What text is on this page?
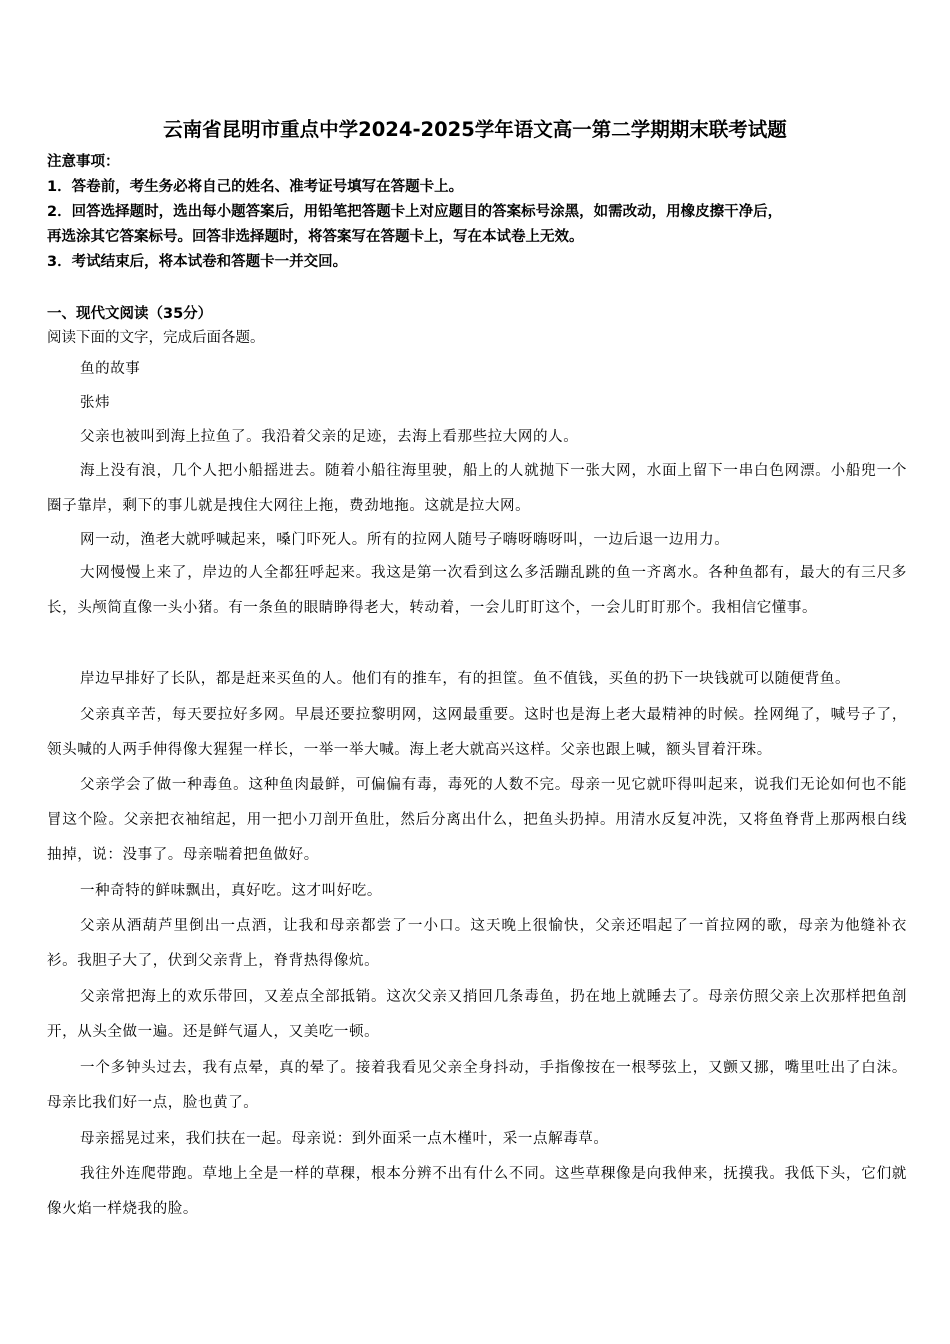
云南省昆明市重点中学2024-2025学年语文高一第二学期期末联考试题
注意事项：
1．答卷前，考生务必将自己的姓名、准考证号填写在答题卡上。
2．回答选择题时，选出每小题答案后，用铅笔把答题卡上对应题目的答案标号涂黑，如需改动，用橡皮擦干净后，
再选涂其它答案标号。回答非选择题时，将答案写在答题卡上，写在本试卷上无效。
3．考试结束后，将本试卷和答题卡一并交回。
一、现代文阅读（35分）
阅读下面的文字，完成后面各题。
鱼的故事
张炜
父亲也被叫到海上拉鱼了。我沿着父亲的足迹，去海上看那些拉大网的人。
海上没有浪，几个人把小船摇进去。随着小船往海里驶，船上的人就抛下一张大网，水面上留下一串白色网漂。小船兜一个圈子靠岸，剩下的事儿就是拽住大网往上拖，费劲地拖。这就是拉大网。
网一动，渔老大就呼喊起来，嗓门吓死人。所有的拉网人随号子嗨呀嗨呀叫，一边后退一边用力。
大网慢慢上来了，岸边的人全都狂呼起来。我这是第一次看到这么多活蹦乱跳的鱼一齐离水。各种鱼都有，最大的有三尺多长，头颅简直像一头小猪。有一条鱼的眼睛睁得老大，转动着，一会儿盯盯这个，一会儿盯盯那个。我相信它懂事。
岸边早排好了长队，都是赶来买鱼的人。他们有的推车，有的担筐。鱼不值钱，买鱼的扔下一块钱就可以随便背鱼。
父亲真辛苦，每天要拉好多网。早晨还要拉黎明网，这网最重要。这时也是海上老大最精神的时候。拴网绳了，喊号子了，领头喊的人两手伸得像大猩猩一样长，一举一举大喊。海上老大就高兴这样。父亲也跟上喊，额头冒着汗珠。
父亲学会了做一种毒鱼。这种鱼肉最鲜，可偏偏有毒，毒死的人数不完。母亲一见它就吓得叫起来，说我们无论如何也不能冒这个险。父亲把衣袖绾起，用一把小刀剖开鱼肚，然后分离出什么，把鱼头扔掉。用清水反复冲洗，又将鱼脊背上那两根白线抽掉，说：没事了。母亲喘着把鱼做好。
一种奇特的鲜味飘出，真好吃。这才叫好吃。
父亲从酒葫芦里倒出一点酒，让我和母亲都尝了一小口。这天晚上很愉快，父亲还唱起了一首拉网的歌，母亲为他缝补衣衫。我胆子大了，伏到父亲背上，脊背热得像炕。
父亲常把海上的欢乐带回，又差点全部抵销。这次父亲又捎回几条毒鱼，扔在地上就睡去了。母亲仿照父亲上次那样把鱼剖开，从头全做一遍。还是鲜气逼人，又美吃一顿。
一个多钟头过去，我有点晕，真的晕了。接着我看见父亲全身抖动，手指像按在一根琴弦上，又颤又挪，嘴里吐出了白沫。母亲比我们好一点，脸也黄了。
母亲摇晃过来，我们扶在一起。母亲说：到外面采一点木槿叶，采一点解毒草。
我往外连爬带跑。草地上全是一样的草稞，根本分辨不出有什么不同。这些草稞像是向我伸来，抚摸我。我低下头，它们就像火焰一样烧我的脸。
